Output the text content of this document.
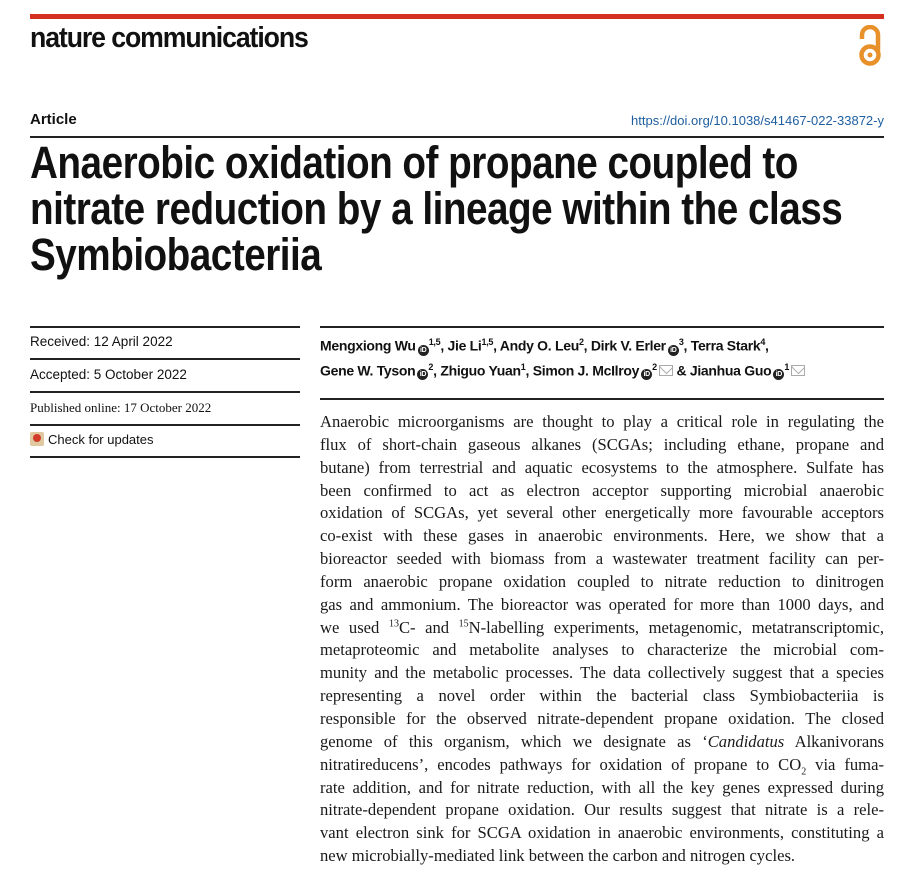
nature communications
Article	https://doi.org/10.1038/s41467-022-33872-y
Anaerobic oxidation of propane coupled to
nitrate reduction by a lineage within the class
Symbiobacteriia
Received: 12 April 2022
Accepted: 5 October 2022
Published online: 17 October 2022
Check for updates
Mengxiong Wu iD$^{1,5}$, Jie Li$^{1,5}$, Andy O. Leu$^2$, Dirk V. Erler $iD^3$, Terra Stark$^4$,
Gene W. Tyson $iD^2$, Zhiguo Yuan$^1$, Simon J. McIlroy $iD^2$ & Jianhua Guo $iD^1$
Anaerobic microorganisms are thought to play a critical role in regulating the
flux of short-chain gaseous alkanes (SCGAs; including ethane, propane and
butane) from terrestrial and aquatic ecosystems to the atmosphere. Sulfate has
been confirmed to act as electron acceptor supporting microbial anaerobic
oxidation of SCGAs, yet several other energetically more favourable acceptors
co-exist with these gases in anaerobic environments. Here, we show that a
bioreactor seeded with biomass from a wastewater treatment facility can per-
form anaerobic propane oxidation coupled to nitrate reduction to dinitrogen
gas and ammonium. The bioreactor was operated for more than 1000 days, and
we used $^{13}$C- and $^{15}$N-labelling experiments, metagenomic, metatranscriptomic,
metaproteomic and metabolite analyses to characterize the microbial com-
munity and the metabolic processes. The data collectively suggest that a species
representing a novel order within the bacterial class Symbiobacteriia is
responsible for the observed nitrate-dependent propane oxidation. The closed
genome of this organism, which we designate as ‘Candidatus Alkanivorans
nitratireducens’, encodes pathways for oxidation of propane to $CO_2$ via fuma-
rate addition, and for nitrate reduction, with all the key genes expressed during
nitrate-dependent propane oxidation. Our results suggest that nitrate is a rele-
vant electron sink for SCGA oxidation in anaerobic environments, constituting a
new microbially-mediated link between the carbon and nitrogen cycles.
